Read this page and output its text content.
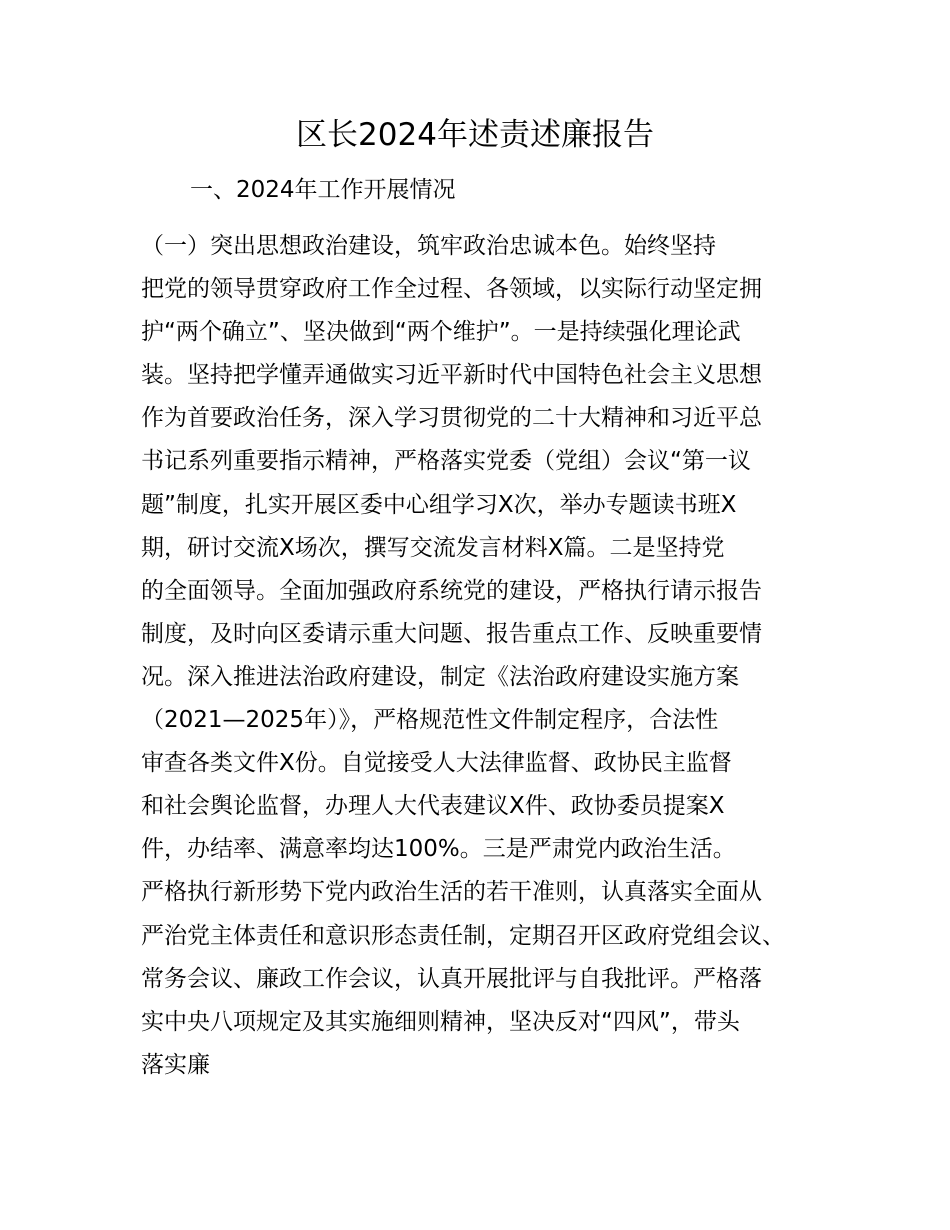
区长2024年述责述廉报告
一、2024年工作开展情况
（一）突出思想政治建设，筑牢政治忠诚本色。始终坚持
把党的领导贯穿政府工作全过程、各领域，以实际行动坚定拥
护“两个确立”、坚决做到“两个维护”。一是持续强化理论武
装。坚持把学懂弄通做实习近平新时代中国特色社会主义思想
作为首要政治任务，深入学习贯彻党的二十大精神和习近平总
书记系列重要指示精神，严格落实党委（党组）会议“第一议
题”制度，扎实开展区委中心组学习X次，举办专题读书班X
期，研讨交流X场次，撰写交流发言材料X篇。二是坚持党
的全面领导。全面加强政府系统党的建设，严格执行请示报告
制度，及时向区委请示重大问题、报告重点工作、反映重要情
况。深入推进法治政府建设，制定《法治政府建设实施方案
（2021—2025年）》，严格规范性文件制定程序，合法性
审查各类文件X份。自觉接受人大法律监督、政协民主监督
和社会舆论监督，办理人大代表建议X件、政协委员提案X
件，办结率、满意率均达100%。三是严肃党内政治生活。
严格执行新形势下党内政治生活的若干准则，认真落实全面从
严治党主体责任和意识形态责任制，定期召开区政府党组会议、
常务会议、廉政工作会议，认真开展批评与自我批评。严格落
实中央八项规定及其实施细则精神，坚决反对“四风”，带头
落实廉
